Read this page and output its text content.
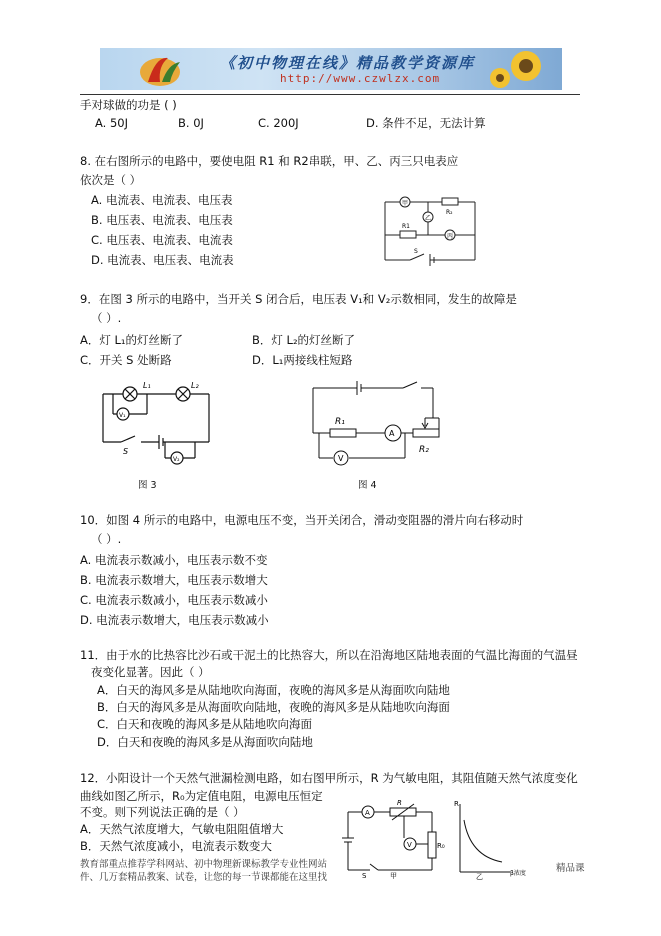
《初中物理在线》精品教学资源库
http://www.czwlzx.com
手对球做的功是 ( )
A. 50J	B. 0J	C. 200J	D. 条件不足，无法计算
8. 在右图所示的电路中，要使电阻 R1 和 R2串联，甲、乙、丙三只电表应
依次是（ ）
A. 电流表、电流表、电压表
B. 电压表、电流表、电压表
C. 电压表、电流表、电流表
D. 电流表、电压表、电流表
甲
乙
丙
R₂
R1
S
9．在图 3 所示的电路中，当开关 S 闭合后，电压表 V₁和 V₂示数相同，发生的故障是
（ ）.
A．灯 L₁的灯丝断了	B．灯 L₂的灯丝断了
C．开关 S 处断路	D．L₁两接线柱短路
L₁	L₂
V₁
V₂
S
图 3
R₁
A
V
R₂
图 4
10．如图 4 所示的电路中，电源电压不变，当开关闭合，滑动变阻器的滑片向右移动时
（ ）.
A. 电流表示数减小，电压表示数不变
B. 电流表示数增大，电压表示数增大
C. 电流表示数减小，电压表示数减小
D. 电流表示数增大，电压表示数减小
11．由于水的比热容比沙石或干泥土的比热容大，所以在沿海地区陆地表面的气温比海面的气温昼
夜变化显著。因此（ ）
A．白天的海风多是从陆地吹向海面，夜晚的海风多是从海面吹向陆地
B．白天的海风多是从海面吹向陆地，夜晚的海风多是从陆地吹向海面
C．白天和夜晚的海风多是从陆地吹向海面
D．白天和夜晚的海风多是从海面吹向陆地
12．小阳设计一个天然气泄漏检测电路，如右图甲所示，R 为气敏电阻，其阻值随天然气浓度变化
曲线如图乙所示，R₀为定值电阻，电源电压恒定
不变。则下列说法正确的是（ ）
A．天然气浓度增大，气敏电阻阻值增大
B．天然气浓度减小，电流表示数变大
R
A
V	R₀
S	甲	乙
R
β浓度
教育部重点推荐学科网站、初中物理新课标教学专业性网站	精品课
件、几万套精品教案、试卷，让您的每一节课都能在这里找
